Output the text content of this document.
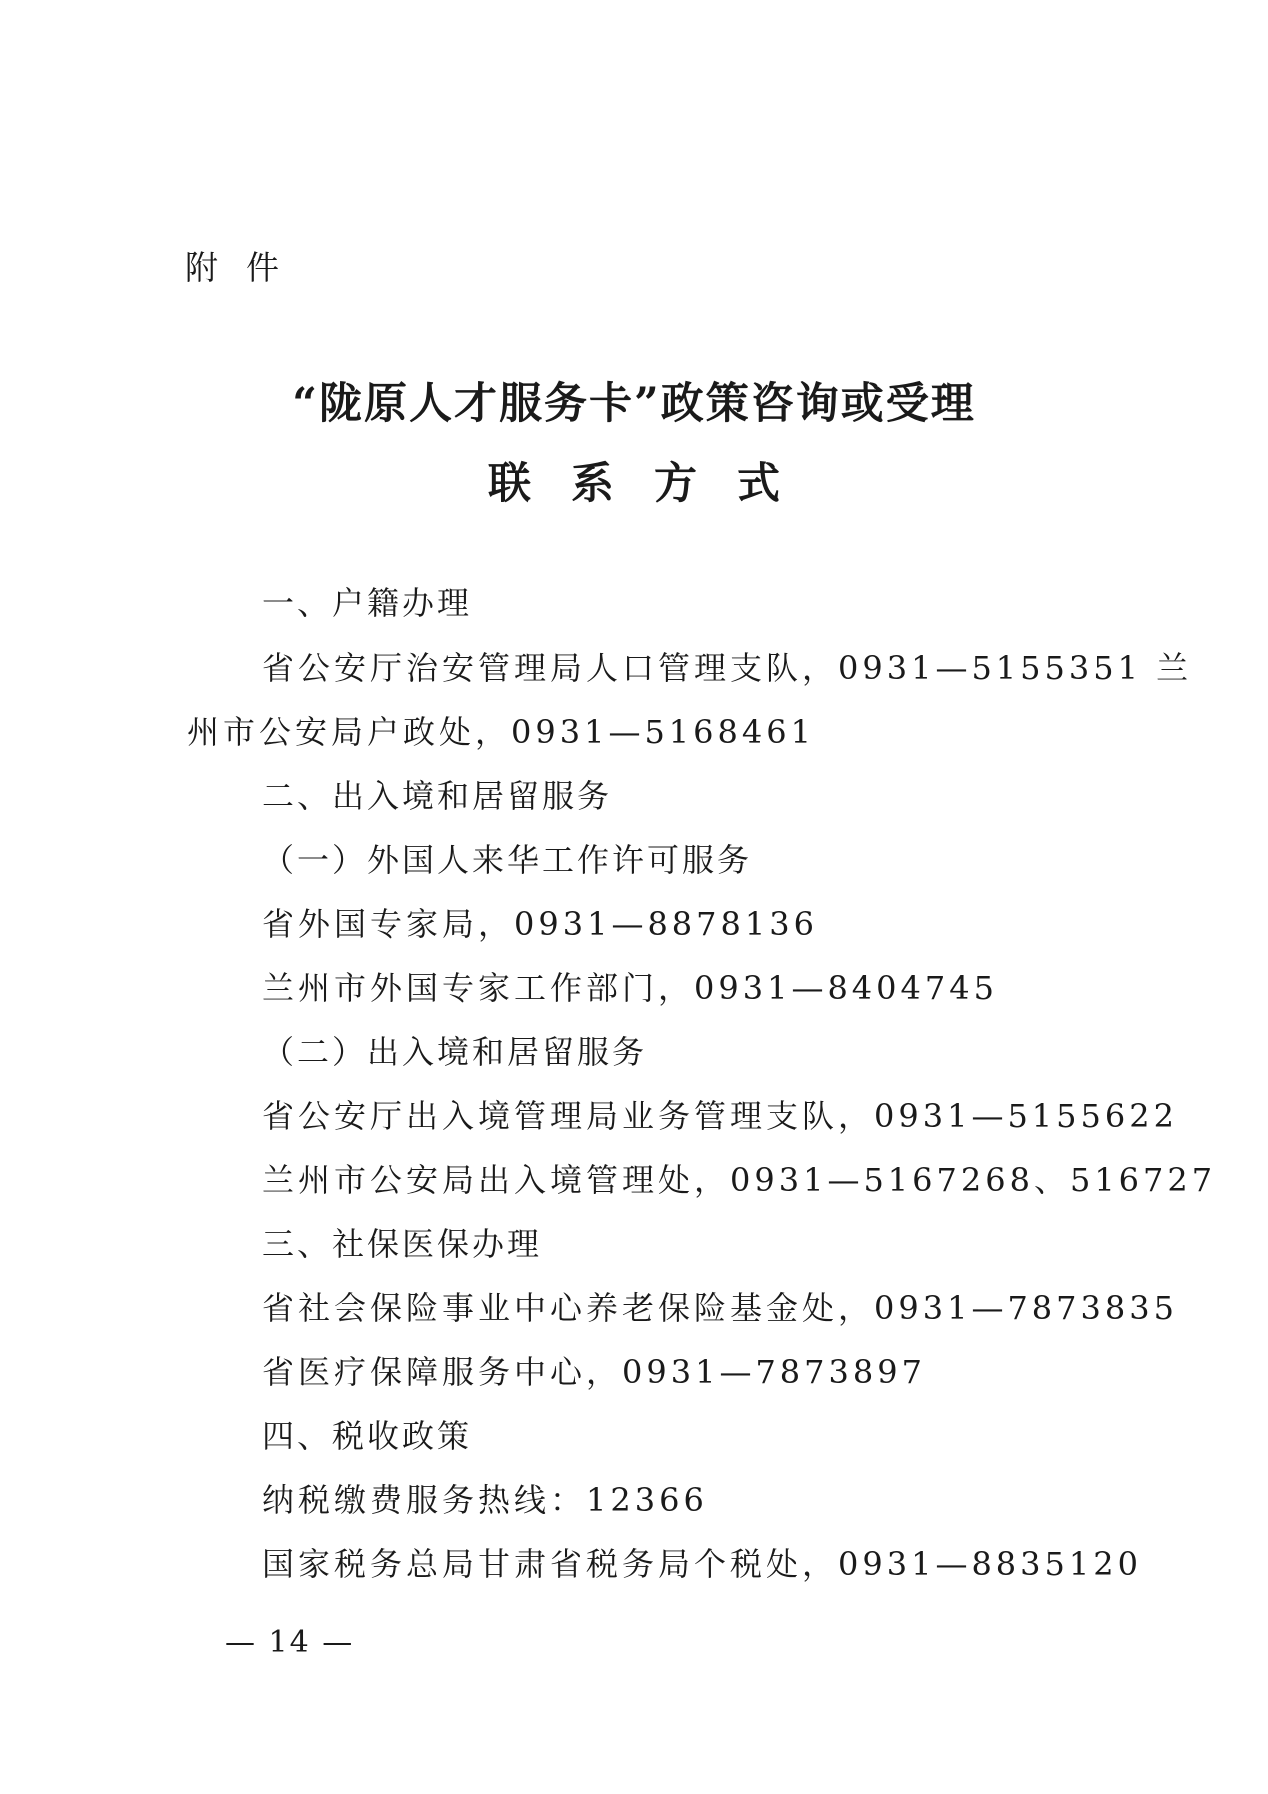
附件
“陇原人才服务卡”政策咨询或受理
联系方式
一、户籍办理
省公安厅治安管理局人口管理支队，0931—5155351 兰
州市公安局户政处，0931—5168461
二、出入境和居留服务
（一）外国人来华工作许可服务
省外国专家局，0931—8878136
兰州市外国专家工作部门，0931—8404745
（二）出入境和居留服务
省公安厅出入境管理局业务管理支队，0931—5155622
兰州市公安局出入境管理处，0931—5167268、516727
三、社保医保办理
省社会保险事业中心养老保险基金处，0931—7873835
省医疗保障服务中心，0931—7873897
四、税收政策
纳税缴费服务热线：12366
国家税务总局甘肃省税务局个税处，0931—8835120
— 14 —
